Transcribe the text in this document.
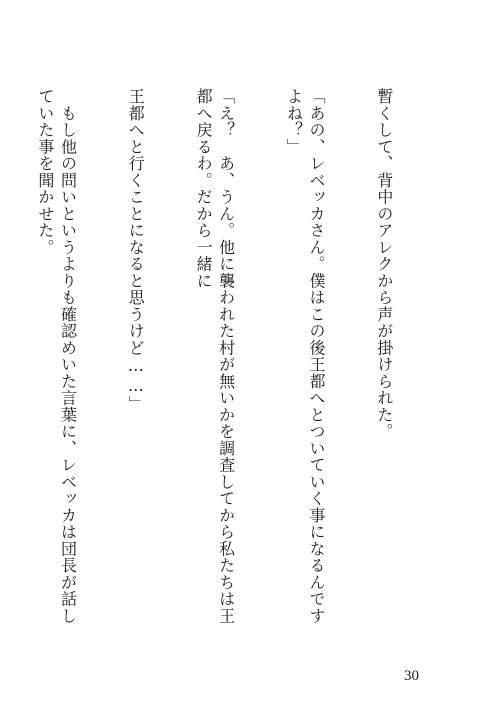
暫くして、背中のアレクから声が掛けられた。

「あの、レベッカさん。僕はこの後王都へとついていく事になるんですよね？」

「え？　あ、うん。他に襲われた村が無いかを調査してから私たちは王都へ戻るわ。だから一緒に

王都へと行くことになると思うけど……」

　もし他の問いというよりも確認めいた言葉に、レベッカは団長が話していた事を聞かせた。

30
